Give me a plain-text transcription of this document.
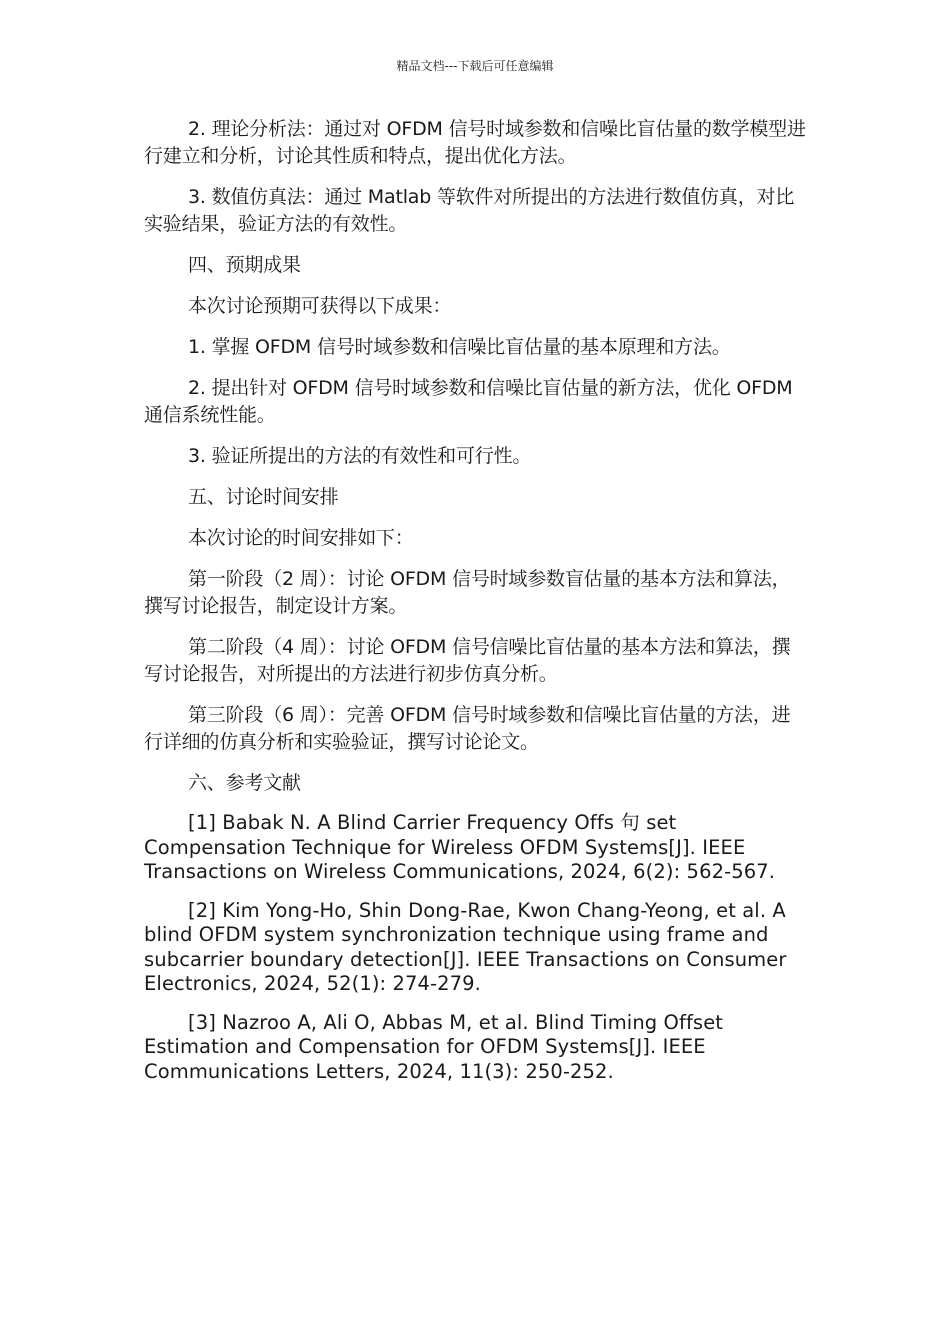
精品文档---下载后可任意编辑

2. 理论分析法：通过对 OFDM 信号时域参数和信噪比盲估量的数学模型进行建立和分析，讨论其性质和特点，提出优化方法。

3. 数值仿真法：通过 Matlab 等软件对所提出的方法进行数值仿真，对比实验结果，验证方法的有效性。

四、预期成果

本次讨论预期可获得以下成果：

1. 掌握 OFDM 信号时域参数和信噪比盲估量的基本原理和方法。

2. 提出针对 OFDM 信号时域参数和信噪比盲估量的新方法，优化 OFDM 通信系统性能。

3. 验证所提出的方法的有效性和可行性。

五、讨论时间安排

本次讨论的时间安排如下：

第一阶段（2 周）：讨论 OFDM 信号时域参数盲估量的基本方法和算法，撰写讨论报告，制定设计方案。

第二阶段（4 周）：讨论 OFDM 信号信噪比盲估量的基本方法和算法，撰写讨论报告，对所提出的方法进行初步仿真分析。

第三阶段（6 周）：完善 OFDM 信号时域参数和信噪比盲估量的方法，进行详细的仿真分析和实验验证，撰写讨论论文。

六、参考文献

[1] Babak N. A Blind Carrier Frequency Offs 句 set Compensation Technique for Wireless OFDM Systems[J]. IEEE Transactions on Wireless Communications, 2024, 6(2): 562-567.

[2] Kim Yong-Ho, Shin Dong-Rae, Kwon Chang-Yeong, et al. A blind OFDM system synchronization technique using frame and subcarrier boundary detection[J]. IEEE Transactions on Consumer Electronics, 2024, 52(1): 274-279.

[3] Nazroo A, Ali O, Abbas M, et al. Blind Timing Offset Estimation and Compensation for OFDM Systems[J]. IEEE Communications Letters, 2024, 11(3): 250-252.
